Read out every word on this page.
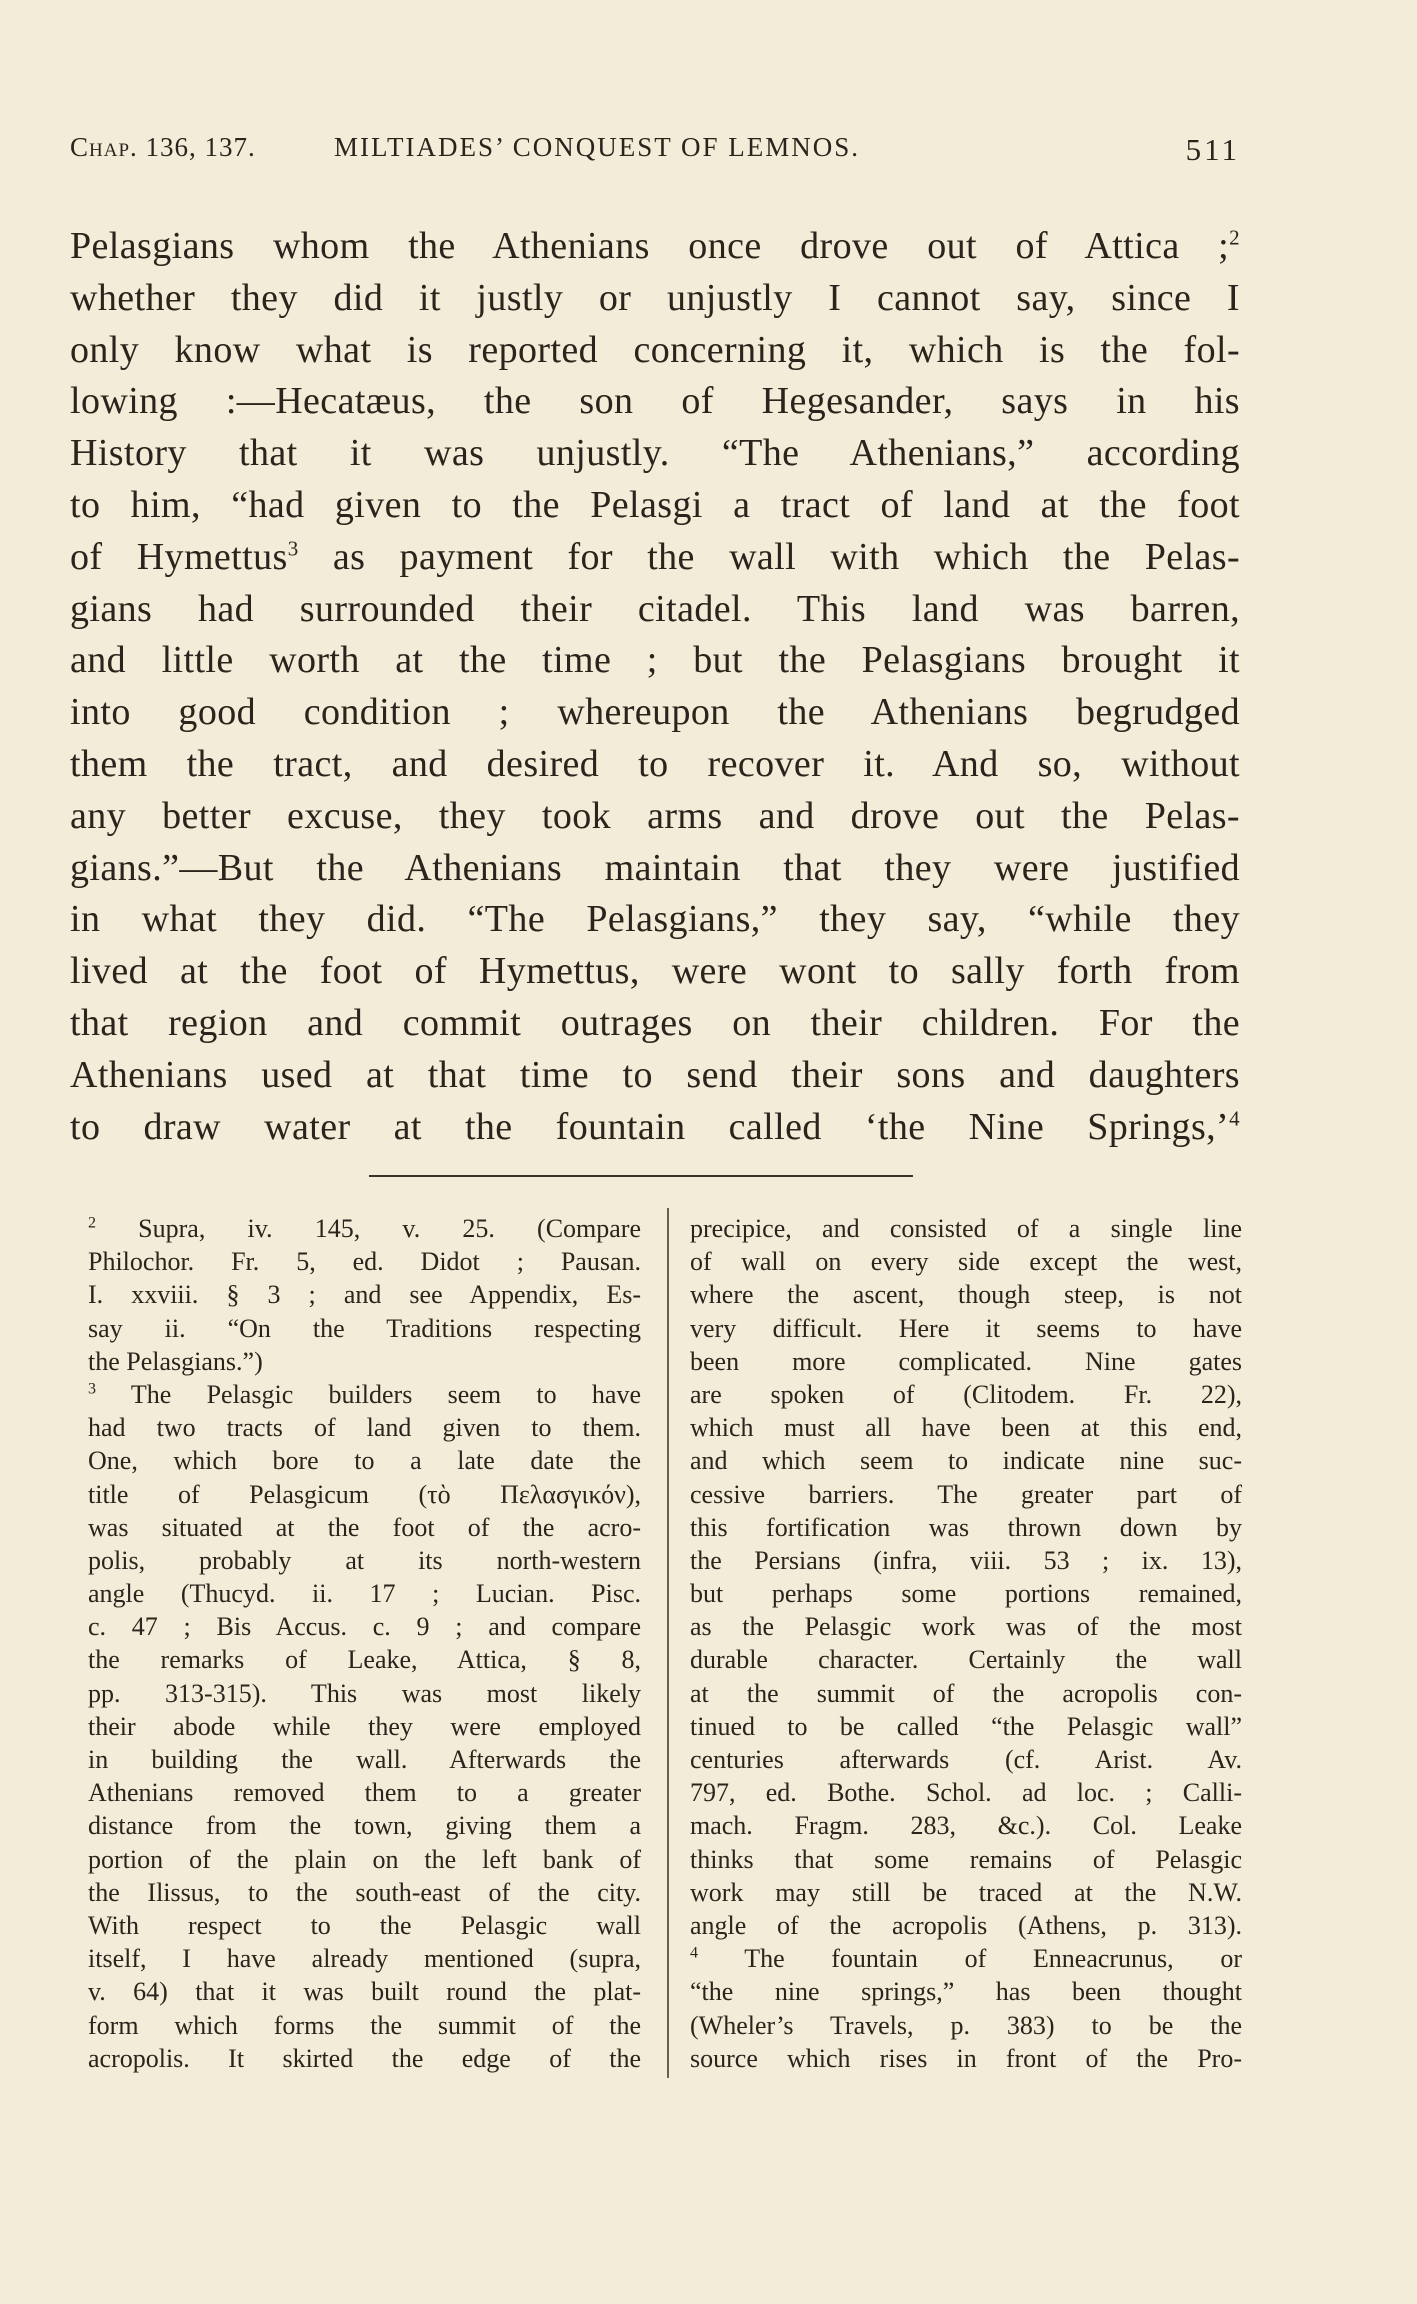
Chap. 136, 137.	MILTIADES’ CONQUEST OF LEMNOS.	511
Pelasgians whom the Athenians once drove out of Attica ;$^2$
whether they did it justly or unjustly I cannot say, since I
only know what is reported concerning it, which is the fol-
lowing :—Hecatæus, the son of Hegesander, says in his
History that it was unjustly. “The Athenians,” according
to him, “had given to the Pelasgi a tract of land at the foot
of Hymettus$^3$ as payment for the wall with which the Pelas-
gians had surrounded their citadel. This land was barren,
and little worth at the time ; but the Pelasgians brought it
into good condition ; whereupon the Athenians begrudged
them the tract, and desired to recover it. And so, without
any better excuse, they took arms and drove out the Pelas-
gians.”—But the Athenians maintain that they were justified
in what they did. “The Pelasgians,” they say, “while they
lived at the foot of Hymettus, were wont to sally forth from
that region and commit outrages on their children. For the
Athenians used at that time to send their sons and daughters
to draw water at the fountain called ‘the Nine Springs,’$^4$
$^2$ Supra, iv. 145, v. 25. (Compare
Philochor. Fr. 5, ed. Didot ; Pausan.
I. xxviii. § 3 ; and see Appendix, Es-
say ii. “On the Traditions respecting
the Pelasgians.”)
$^3$ The Pelasgic builders seem to have
had two tracts of land given to them.
One, which bore to a late date the
title of Pelasgicum (τὸ Πελασγικόν),
was situated at the foot of the acro-
polis, probably at its north-western
angle (Thucyd. ii. 17 ; Lucian. Pisc.
c. 47 ; Bis Accus. c. 9 ; and compare
the remarks of Leake, Attica, § 8,
pp. 313-315). This was most likely
their abode while they were employed
in building the wall. Afterwards the
Athenians removed them to a greater
distance from the town, giving them a
portion of the plain on the left bank of
the Ilissus, to the south-east of the city.
With respect to the Pelasgic wall
itself, I have already mentioned (supra,
v. 64) that it was built round the plat-
form which forms the summit of the
acropolis. It skirted the edge of the
precipice, and consisted of a single line
of wall on every side except the west,
where the ascent, though steep, is not
very difficult. Here it seems to have
been more complicated. Nine gates
are spoken of (Clitodem. Fr. 22),
which must all have been at this end,
and which seem to indicate nine suc-
cessive barriers. The greater part of
this fortification was thrown down by
the Persians (infra, viii. 53 ; ix. 13),
but perhaps some portions remained,
as the Pelasgic work was of the most
durable character. Certainly the wall
at the summit of the acropolis con-
tinued to be called “the Pelasgic wall”
centuries afterwards (cf. Arist. Av.
797, ed. Bothe. Schol. ad loc. ; Calli-
mach. Fragm. 283, &c.). Col. Leake
thinks that some remains of Pelasgic
work may still be traced at the N.W.
angle of the acropolis (Athens, p. 313).
$^4$ The fountain of Enneacrunus, or
“the nine springs,” has been thought
(Wheler’s Travels, p. 383) to be the
source which rises in front of the Pro-
